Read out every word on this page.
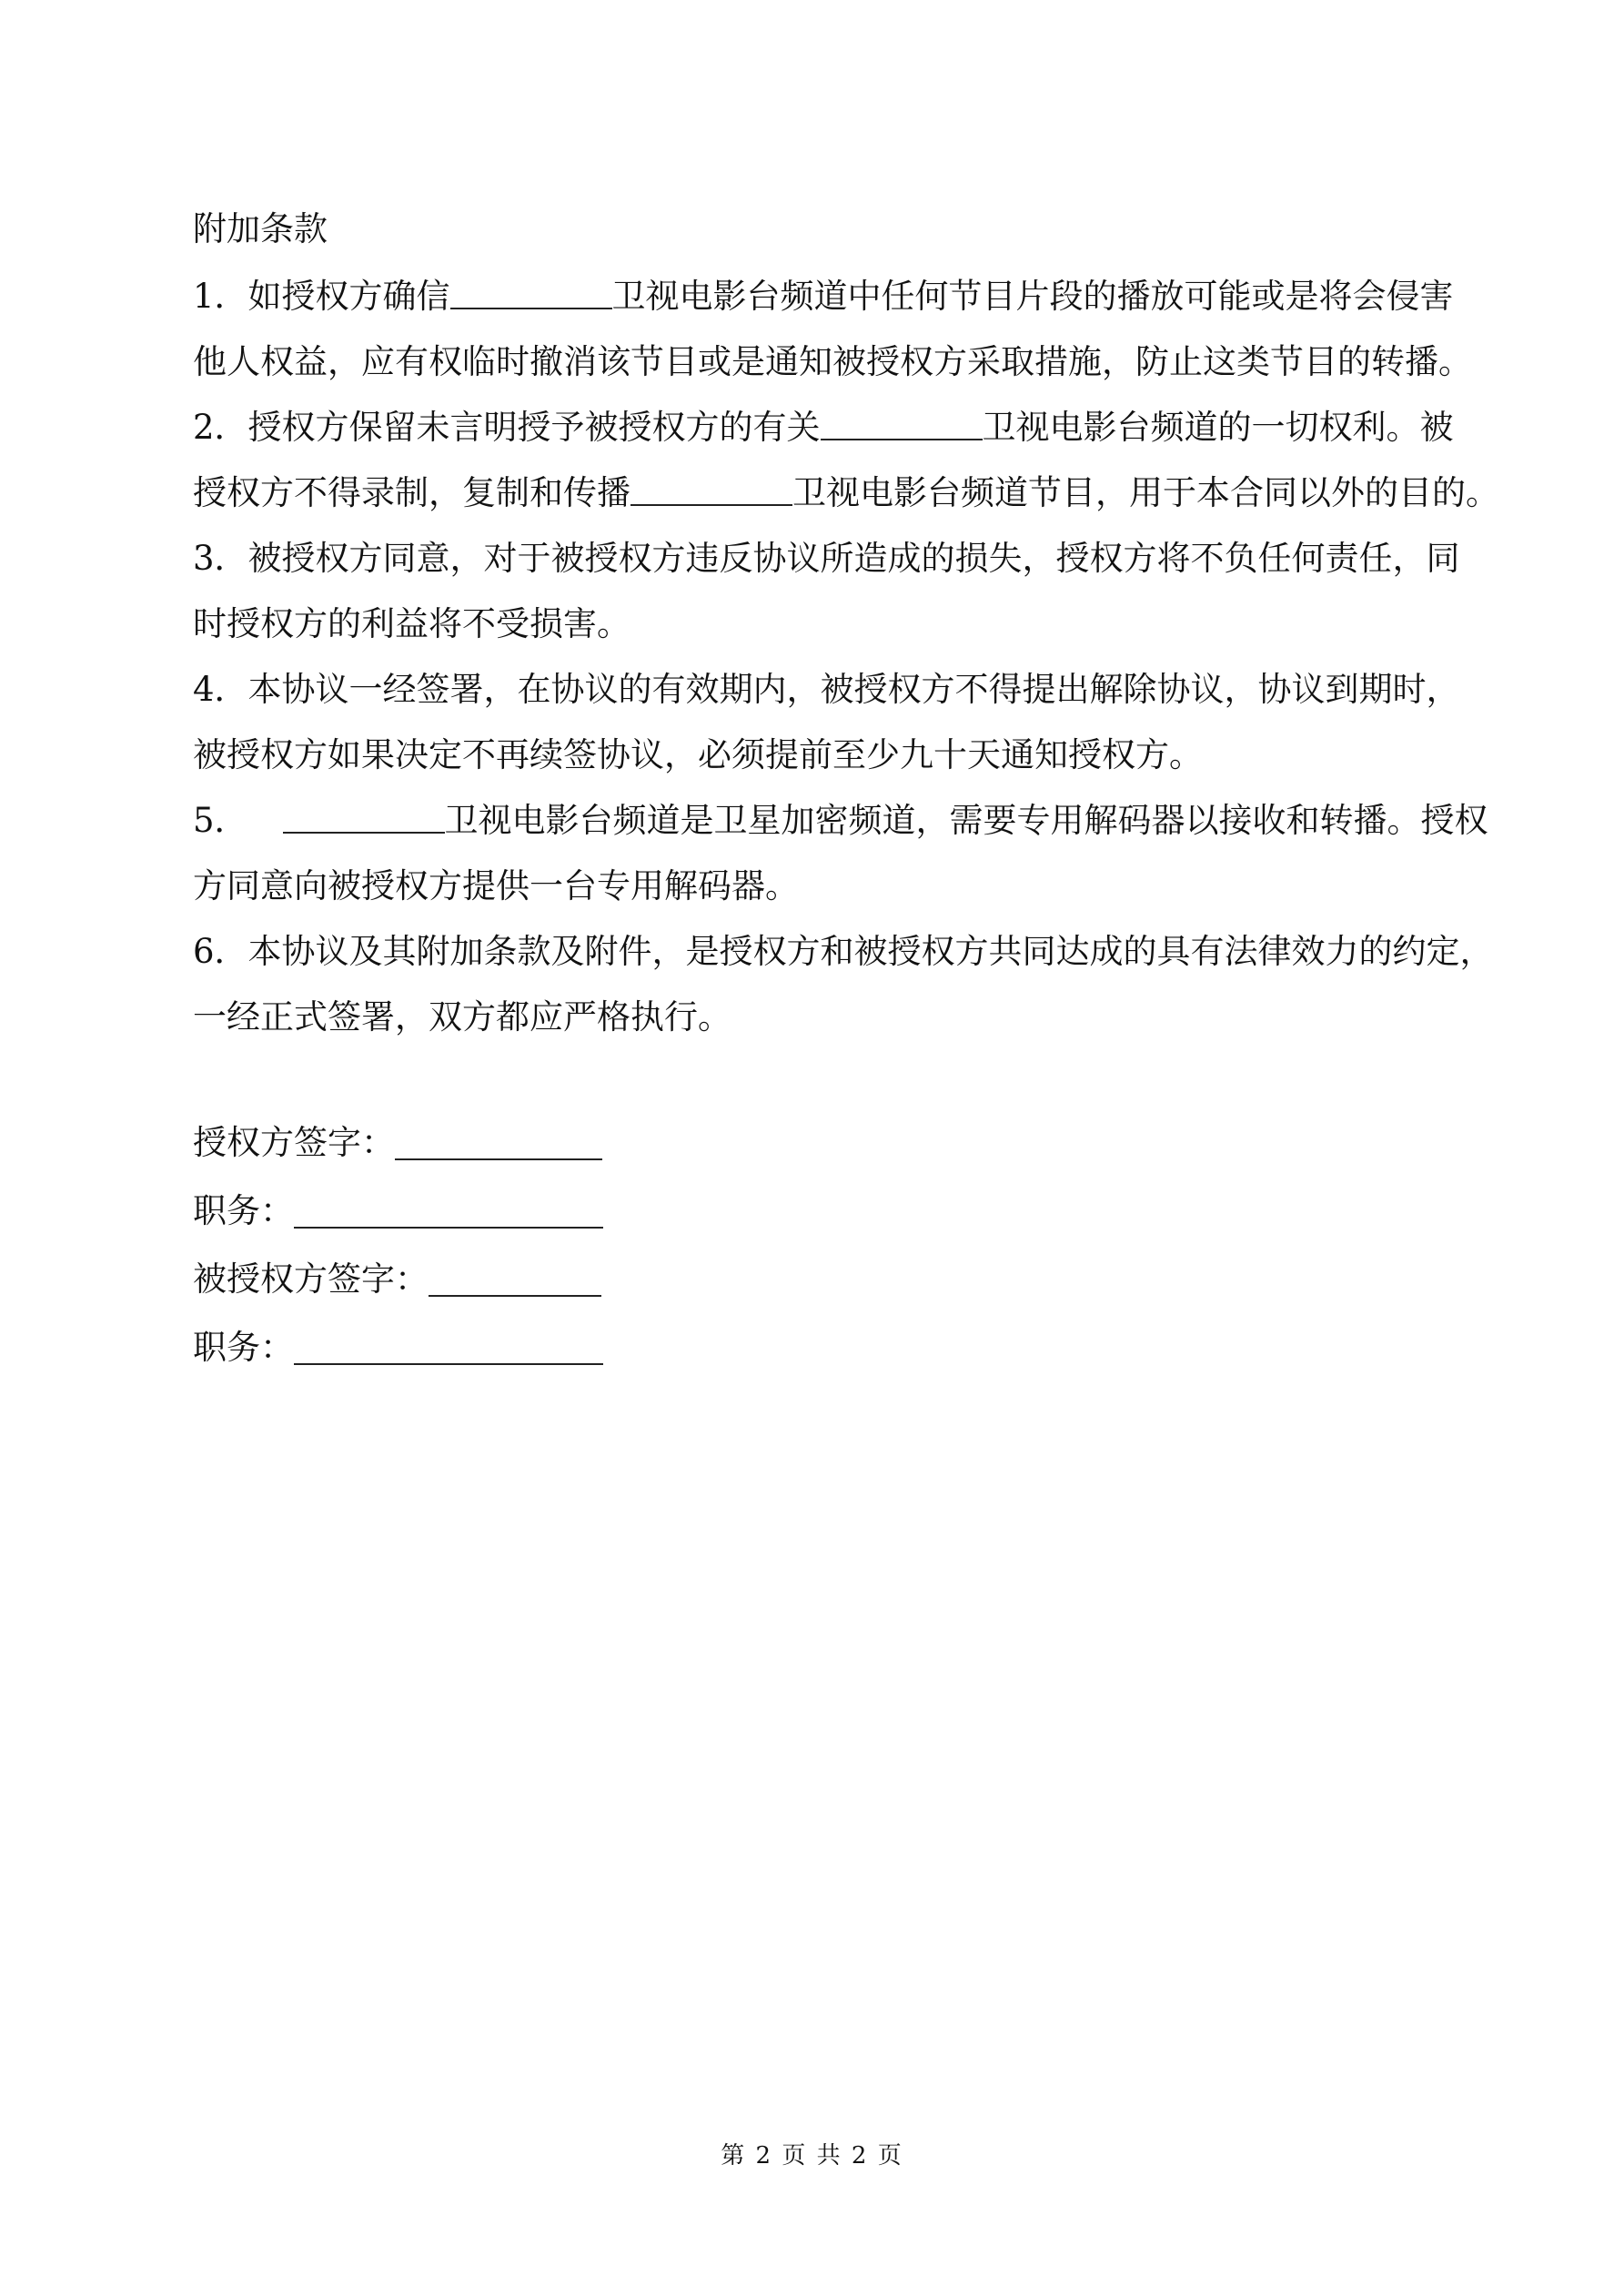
附加条款
1．如授权方确信	卫视电影台频道中任何节目片段的播放可能或是将会侵害
他人权益，应有权临时撤消该节目或是通知被授权方采取措施，防止这类节目的转播。
2．授权方保留未言明授予被授权方的有关	卫视电影台频道的一切权利。被
授权方不得录制，复制和传播	卫视电影台频道节目，用于本合同以外的目的。
3．被授权方同意，对于被授权方违反协议所造成的损失，授权方将不负任何责任，同
时授权方的利益将不受损害。
4．本协议一经签署，在协议的有效期内，被授权方不得提出解除协议，协议到期时，
被授权方如果决定不再续签协议，必须提前至少九十天通知授权方。
5．	卫视电影台频道是卫星加密频道，需要专用解码器以接收和转播。授权
方同意向被授权方提供一台专用解码器。
6．本协议及其附加条款及附件，是授权方和被授权方共同达成的具有法律效力的约定，
一经正式签署，双方都应严格执行。
授权方签字：
职务：
被授权方签字：
职务：
第 2 页 共 2 页
